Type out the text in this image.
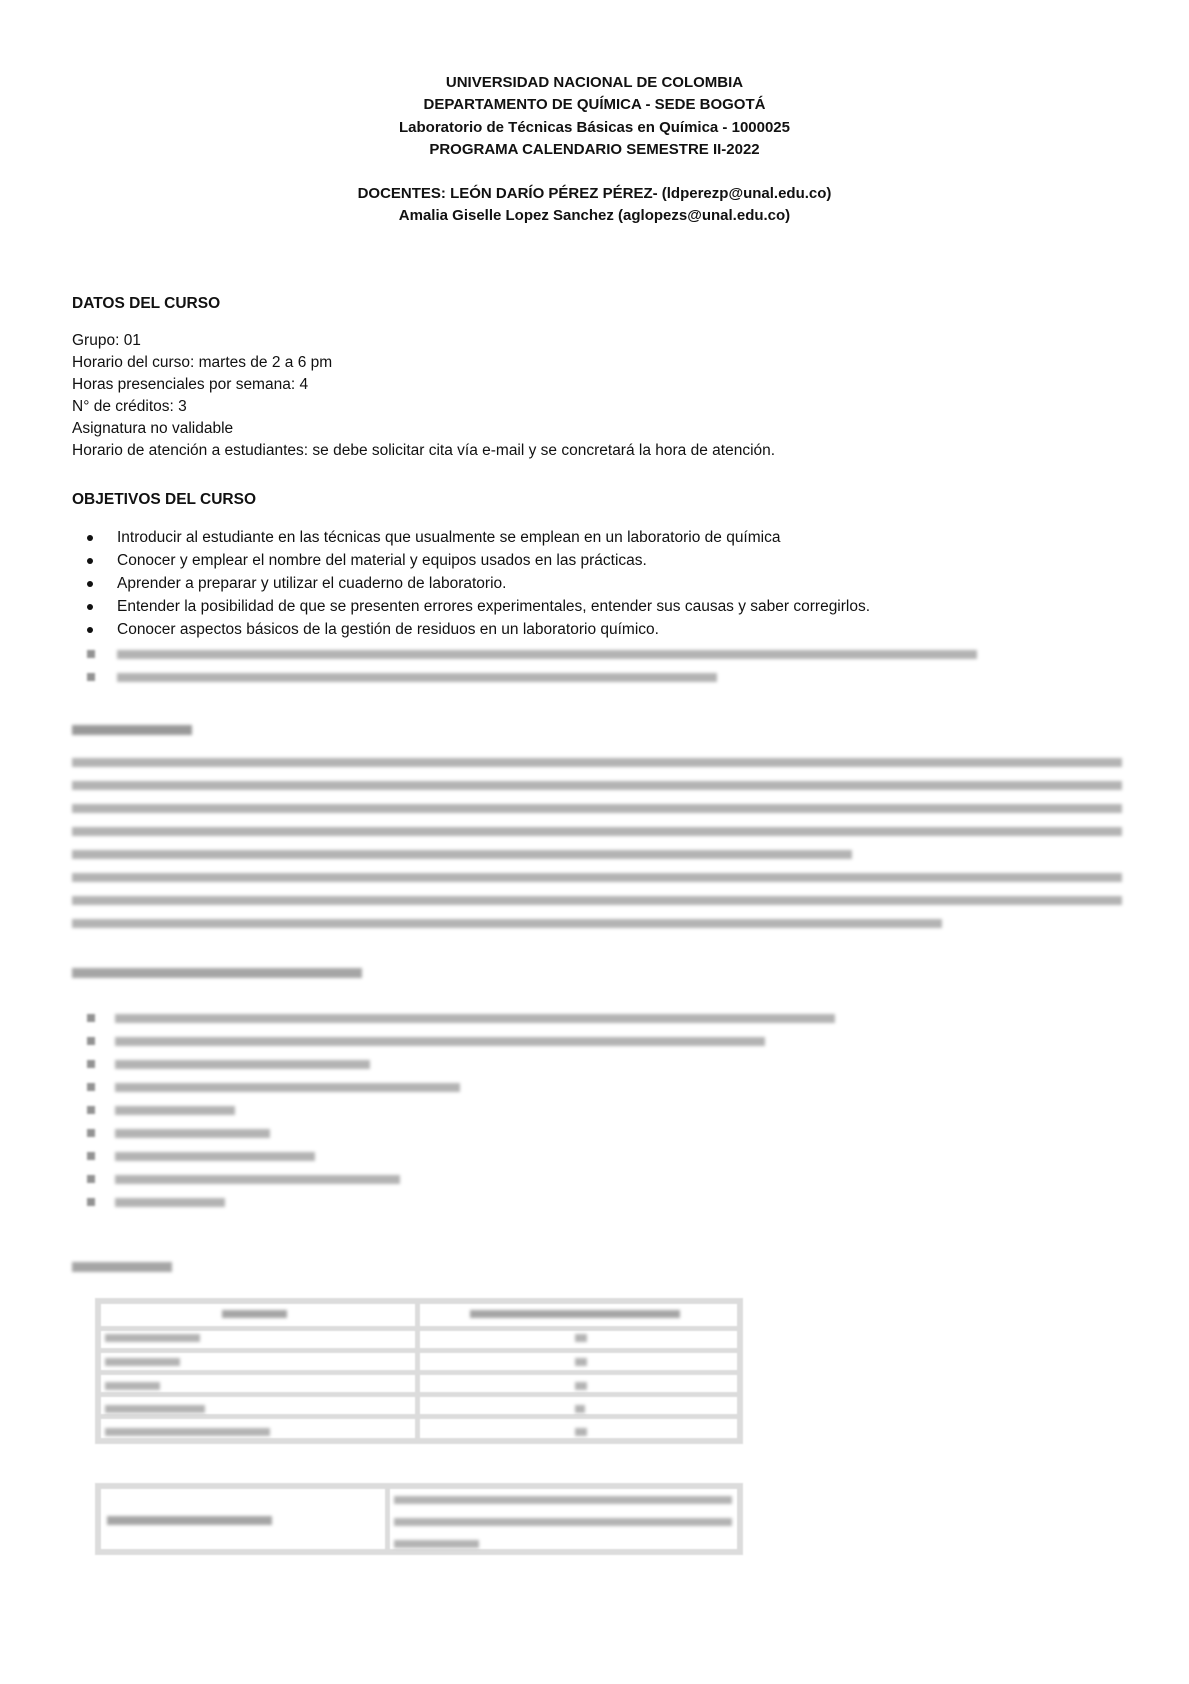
UNIVERSIDAD NACIONAL DE COLOMBIA
DEPARTAMENTO DE QUÍMICA - SEDE BOGOTÁ
Laboratorio de Técnicas Básicas en Química - 1000025
PROGRAMA CALENDARIO SEMESTRE II-2022
DOCENTES: LEÓN DARÍO PÉREZ PÉREZ- (ldperezp@unal.edu.co)
Amalia Giselle Lopez Sanchez (aglopezs@unal.edu.co)
DATOS DEL CURSO
Grupo: 01
Horario del curso: martes de 2 a 6 pm
Horas presenciales por semana: 4
N° de créditos: 3
Asignatura no validable
Horario de atención a estudiantes: se debe solicitar cita vía e-mail y se concretará la hora de atención.
OBJETIVOS DEL CURSO
Introducir al estudiante en las técnicas que usualmente se emplean en un laboratorio de química
Conocer y emplear el nombre del material y equipos usados en las prácticas.
Aprender a preparar y utilizar el cuaderno de laboratorio.
Entender la posibilidad de que se presenten errores experimentales, entender sus causas y saber corregirlos.
Conocer aspectos básicos de la gestión de residuos en un laboratorio químico.
